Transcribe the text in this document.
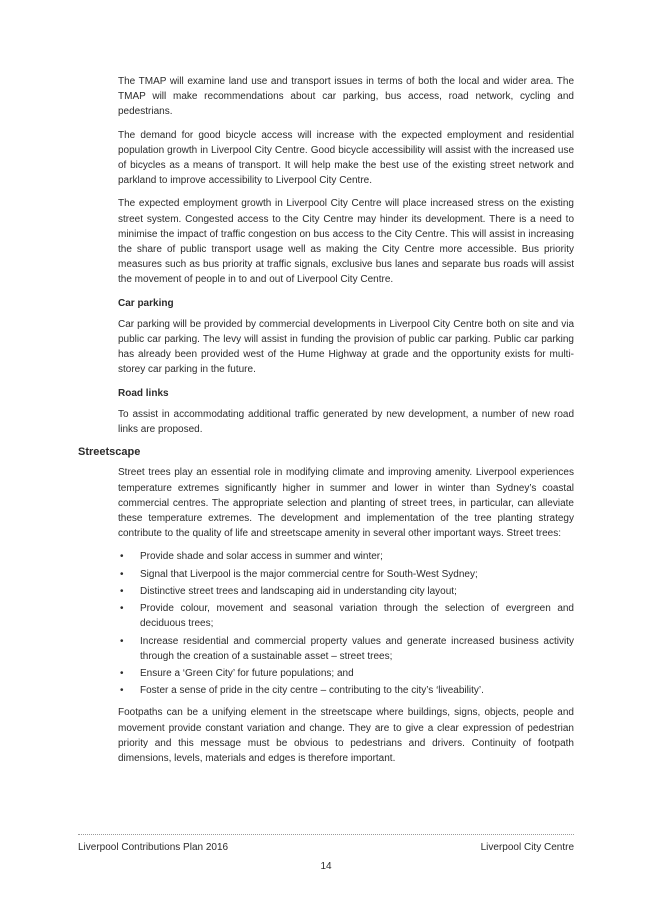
The TMAP will examine land use and transport issues in terms of both the local and wider area. The TMAP will make recommendations about car parking, bus access, road network, cycling and pedestrians.

The demand for good bicycle access will increase with the expected employment and residential population growth in Liverpool City Centre. Good bicycle accessibility will assist with the increased use of bicycles as a means of transport. It will help make the best use of the existing street network and parkland to improve accessibility to Liverpool City Centre.

The expected employment growth in Liverpool City Centre will place increased stress on the existing street system. Congested access to the City Centre may hinder its development. There is a need to minimise the impact of traffic congestion on bus access to the City Centre. This will assist in increasing the share of public transport usage well as making the City Centre more accessible. Bus priority measures such as bus priority at traffic signals, exclusive bus lanes and separate bus roads will assist the movement of people in to and out of Liverpool City Centre.

Car parking

Car parking will be provided by commercial developments in Liverpool City Centre both on site and via public car parking. The levy will assist in funding the provision of public car parking. Public car parking has already been provided west of the Hume Highway at grade and the opportunity exists for multi-storey car parking in the future.

Road links

To assist in accommodating additional traffic generated by new development, a number of new road links are proposed.

Streetscape

Street trees play an essential role in modifying climate and improving amenity. Liverpool experiences temperature extremes significantly higher in summer and lower in winter than Sydney’s coastal commercial centres. The appropriate selection and planting of street trees, in particular, can alleviate these temperature extremes. The development and implementation of the tree planting strategy contribute to the quality of life and streetscape amenity in several other important ways. Street trees:

• Provide shade and solar access in summer and winter;
• Signal that Liverpool is the major commercial centre for South-West Sydney;
• Distinctive street trees and landscaping aid in understanding city layout;
• Provide colour, movement and seasonal variation through the selection of evergreen and deciduous trees;
• Increase residential and commercial property values and generate increased business activity through the creation of a sustainable asset – street trees;
• Ensure a ‘Green City’ for future populations; and
• Foster a sense of pride in the city centre – contributing to the city’s ‘liveability’.

Footpaths can be a unifying element in the streetscape where buildings, signs, objects, people and movement provide constant variation and change. They are to give a clear expression of pedestrian priority and this message must be obvious to pedestrians and drivers. Continuity of footpath dimensions, levels, materials and edges is therefore important.

Liverpool Contributions Plan 2016	Liverpool City Centre
14
